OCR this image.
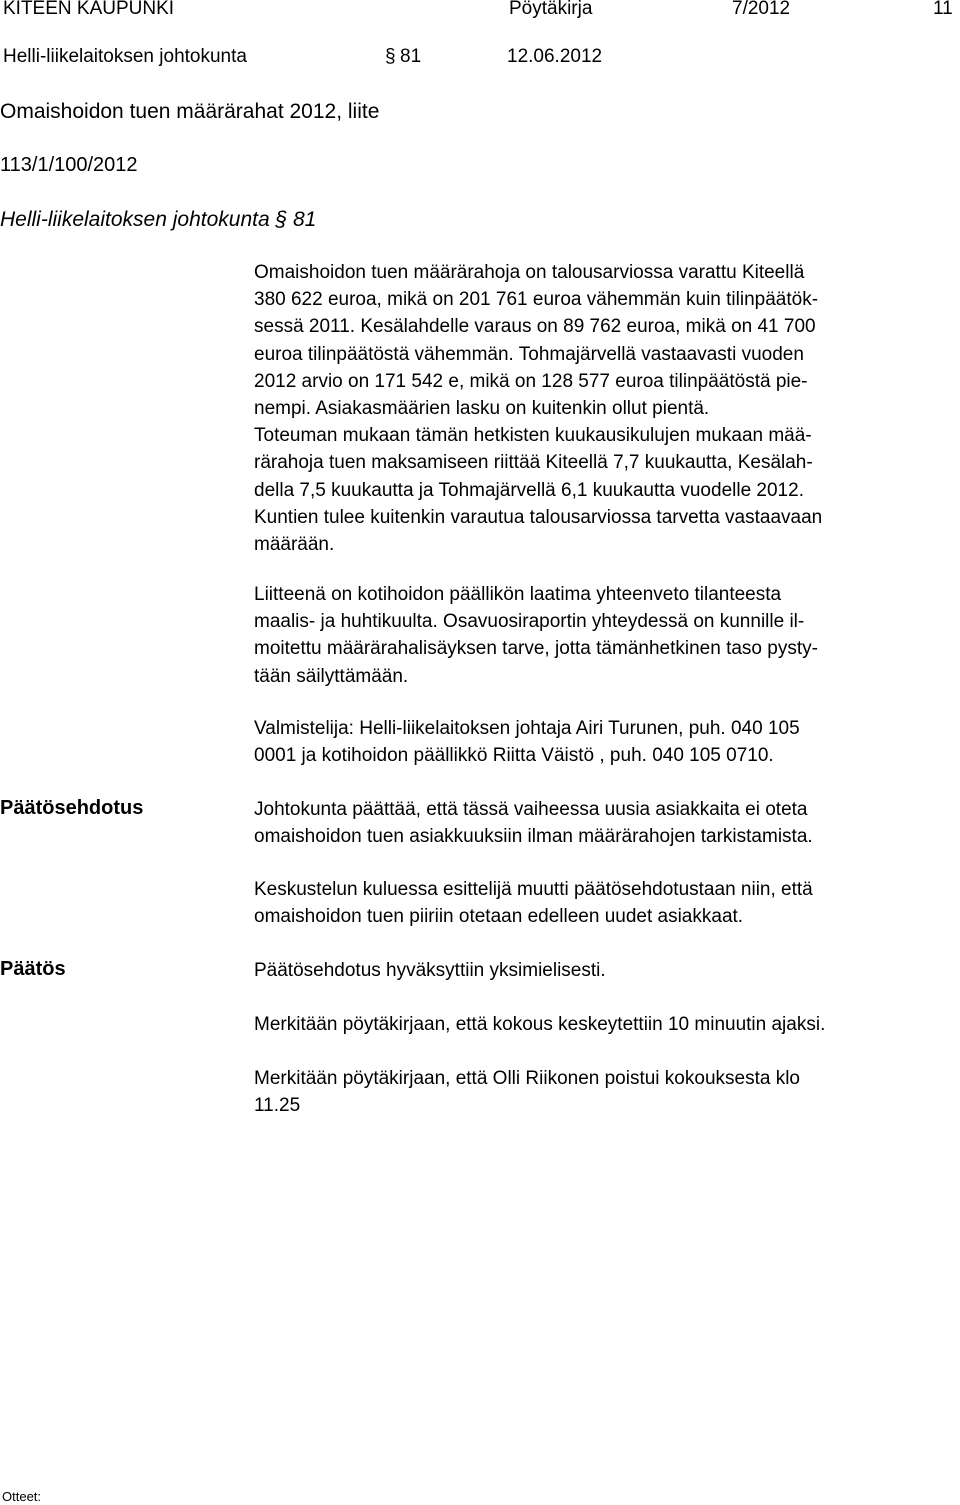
KITEEN KAUPUNKI	Pöytäkirja	7/2012	11
Helli-liikelaitoksen johtokunta	§ 81	12.06.2012
Omaishoidon tuen määrärahat 2012, liite
113/1/100/2012
Helli-liikelaitoksen johtokunta § 81
Omaishoidon tuen määrärahoja on talousarviossa varattu Kiteellä
380 622 euroa, mikä on 201 761 euroa vähemmän kuin tilinpäätök-
sessä 2011. Kesälahdelle varaus on 89 762 euroa, mikä on 41 700
euroa tilinpäätöstä vähemmän. Tohmajärvellä vastaavasti vuoden
2012 arvio on 171 542 e, mikä on 128 577 euroa tilinpäätöstä pie-
nempi. Asiakasmäärien lasku on kuitenkin ollut pientä.
Toteuman mukaan tämän hetkisten kuukausikulujen mukaan mää-
rärahoja tuen maksamiseen riittää Kiteellä 7,7 kuukautta, Kesälah-
della 7,5 kuukautta ja Tohmajärvellä 6,1 kuukautta vuodelle 2012.
Kuntien tulee kuitenkin varautua talousarviossa tarvetta vastaavaan
määrään.
Liitteenä on kotihoidon päällikön laatima yhteenveto tilanteesta
maalis- ja huhtikuulta. Osavuosiraportin yhteydessä on kunnille il-
moitettu määrärahalisäyksen tarve, jotta tämänhetkinen taso pysty-
tään säilyttämään.
Valmistelija: Helli-liikelaitoksen johtaja Airi Turunen, puh. 040 105
0001 ja kotihoidon päällikkö Riitta Väistö , puh. 040 105 0710.
Päätösehdotus	Johtokunta päättää, että tässä vaiheessa uusia asiakkaita ei oteta
omaishoidon tuen asiakkuuksiin ilman määrärahojen tarkistamista.
Keskustelun kuluessa esittelijä muutti päätösehdotustaan niin, että
omaishoidon tuen piiriin otetaan edelleen uudet asiakkaat.
Päätös	Päätösehdotus hyväksyttiin yksimielisesti.
Merkitään pöytäkirjaan, että kokous keskeytettiin 10 minuutin ajaksi.
Merkitään pöytäkirjaan, että Olli Riikonen poistui kokouksesta klo
11.25
Otteet:
